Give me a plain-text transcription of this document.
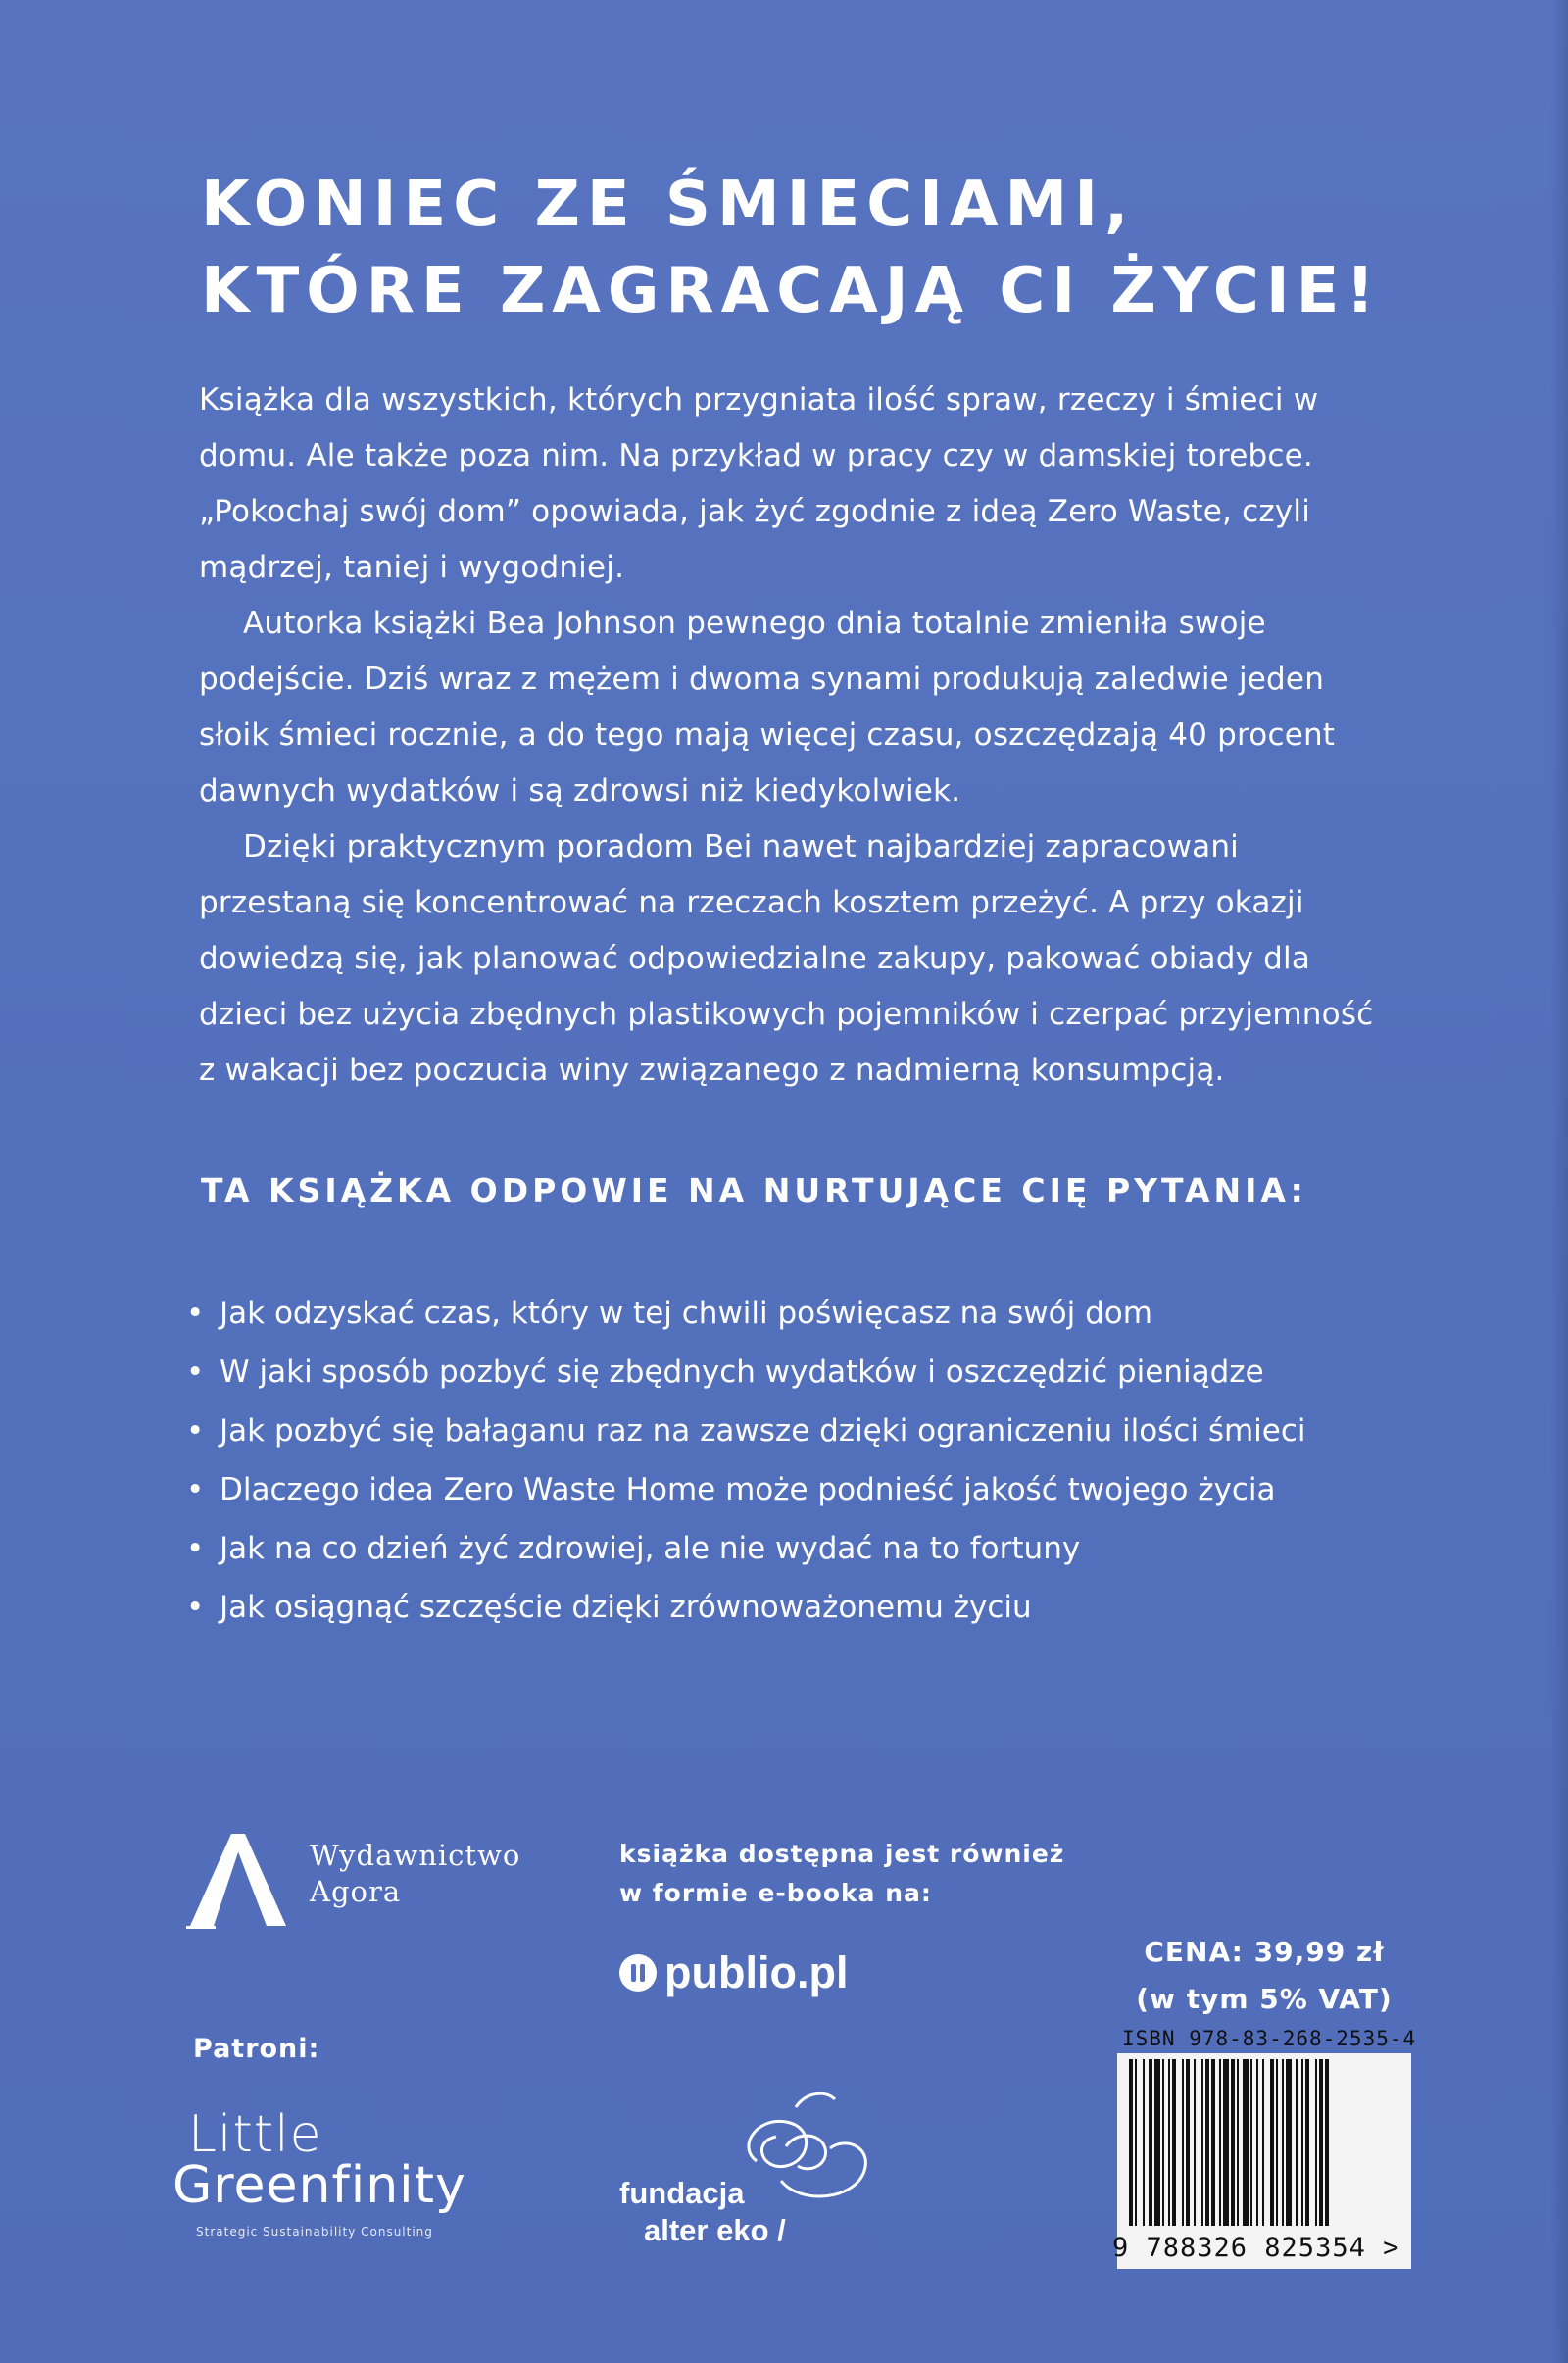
KONIEC ZE ŚMIECIAMI,
KTÓRE ZAGRACAJĄ CI ŻYCIE!

Książka dla wszystkich, których przygniata ilość spraw, rzeczy i śmieci w domu. Ale także poza nim. Na przykład w pracy czy w damskiej torebce. „Pokochaj swój dom” opowiada, jak żyć zgodnie z ideą Zero Waste, czyli mądrzej, taniej i wygodniej.

Autorka książki Bea Johnson pewnego dnia totalnie zmieniła swoje podejście. Dziś wraz z mężem i dwoma synami produkują zaledwie jeden słoik śmieci rocznie, a do tego mają więcej czasu, oszczędzają 40 procent dawnych wydatków i są zdrowsi niż kiedykolwiek.

Dzięki praktycznym poradom Bei nawet najbardziej zapracowani przestaną się koncentrować na rzeczach kosztem przeżyć. A przy okazji dowiedzą się, jak planować odpowiedzialne zakupy, pakować obiady dla dzieci bez użycia zbędnych plastikowych pojemników i czerpać przyjemność z wakacji bez poczucia winy związanego z nadmierną konsumpcją.

TA KSIĄŻKA ODPOWIE NA NURTUJĄCE CIĘ PYTANIA:
• Jak odzyskać czas, który w tej chwili poświęcasz na swój dom
• W jaki sposób pozbyć się zbędnych wydatków i oszczędzić pieniądze
• Jak pozbyć się bałaganu raz na zawsze dzięki ograniczeniu ilości śmieci
• Dlaczego idea Zero Waste Home może podnieść jakość twojego życia
• Jak na co dzień żyć zdrowiej, ale nie wydać na to fortuny
• Jak osiągnąć szczęście dzięki zrównoważonemu życiu
Wydawnictwo
Agora
książka dostępna jest również
w formie e-booka na:
publio.pl	CENA: 39,99 zł
(w tym 5% VAT)
ISBN 978-83-268-2535-4
9 788326 825354 >
Patroni:
Little
Greenfinity
Strategic Sustainability Consulting
fundacja
alter eko /
